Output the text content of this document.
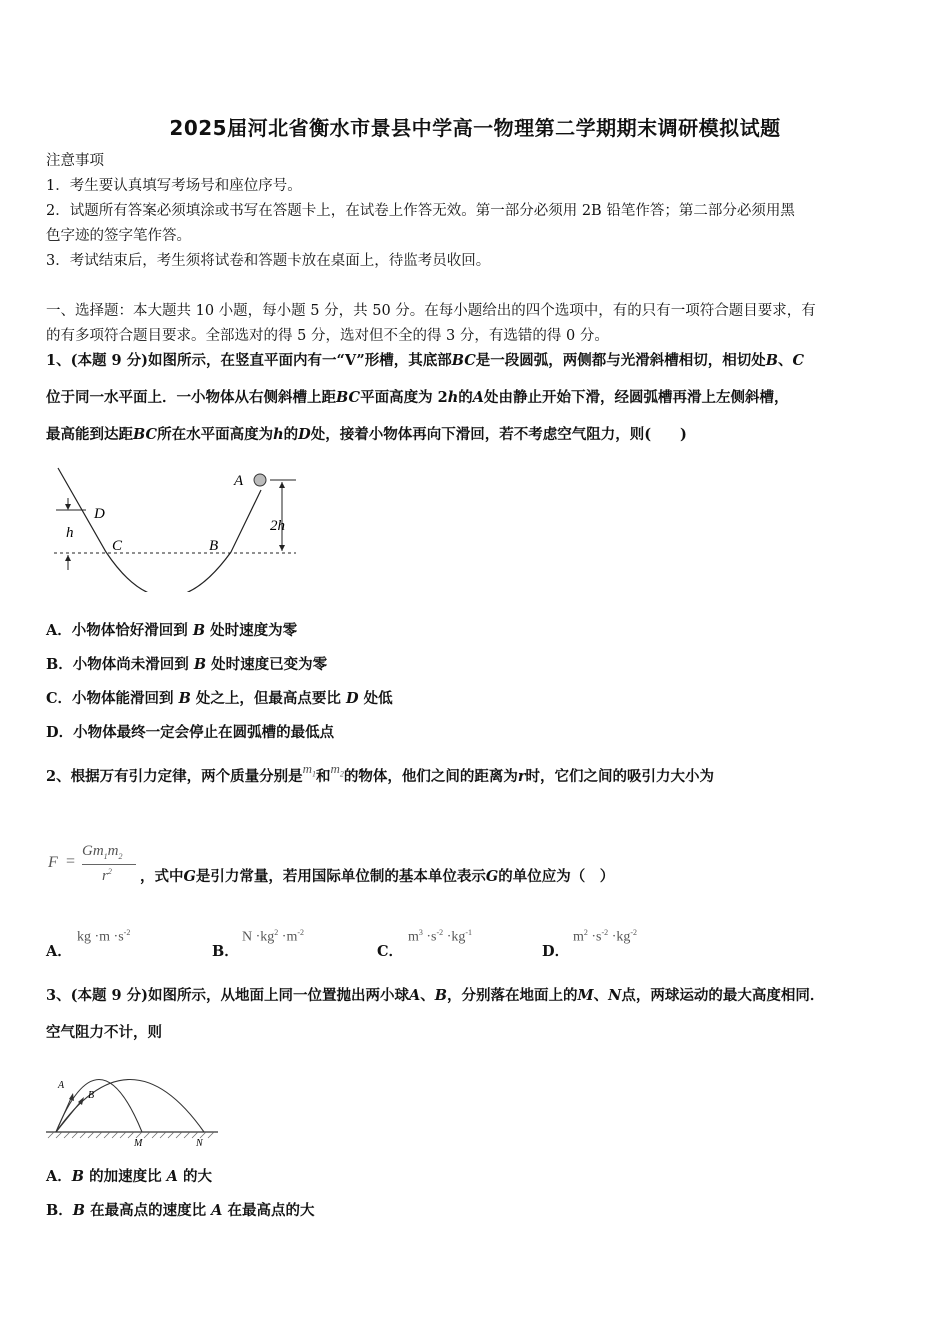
2025届河北省衡水市景县中学高一物理第二学期期末调研模拟试题
注意事项
1．考生要认真填写考场号和座位序号。
2．试题所有答案必须填涂或书写在答题卡上，在试卷上作答无效。第一部分必须用 2B 铅笔作答；第二部分必须用黑
色字迹的签字笔作答。
3．考试结束后，考生须将试卷和答题卡放在桌面上，待监考员收回。
一、选择题：本大题共 10 小题，每小题 5 分，共 50 分。在每小题给出的四个选项中，有的只有一项符合题目要求，有
的有多项符合题目要求。全部选对的得 5 分，选对但不全的得 3 分，有选错的得 0 分。
1、(本题 9 分)如图所示，在竖直平面内有一“V”形槽，其底部BC是一段圆弧，两侧都与光滑斜槽相切，相切处B、C
位于同一水平面上．一小物体从右侧斜槽上距BC平面高度为 2h的A处由静止开始下滑，经圆弧槽再滑上左侧斜槽，
最高能到达距BC所在水平面高度为h的D处，接着小物体再向下滑回，若不考虑空气阻力，则(　　)
A
D
C	B
h	2h
A．小物体恰好滑回到 B 处时速度为零
B．小物体尚未滑回到 B 处时速度已变为零
C．小物体能滑回到 B 处之上，但最高点要比 D 处低
D．小物体最终一定会停止在圆弧槽的最低点
2、根据万有引力定律，两个质量分别是$m_1$和$m_2$的物体，他们之间的距离为r时，它们之间的吸引力大小为
F =
$Gm_1m_2$
$r^2$ ，式中G是引力常量，若用国际单位制的基本单位表示G的单位应为（　）
A．
kg $\cdot m \cdot s^{-2}$
B．
$N \cdot kg^2 \cdot m^{-2}$
C．
$m^3 \cdot s^{-2} \cdot kg^{-1}$
D．
$m^2 \cdot s^{-2} \cdot kg^{-2}$
3、(本题 9 分)如图所示，从地面上同一位置抛出两小球A、B，分别落在地面上的M、N点，两球运动的最大高度相同．
空气阻力不计，则
A
B
M	N
A．B 的加速度比 A 的大
B．B 在最高点的速度比 A 在最高点的大
